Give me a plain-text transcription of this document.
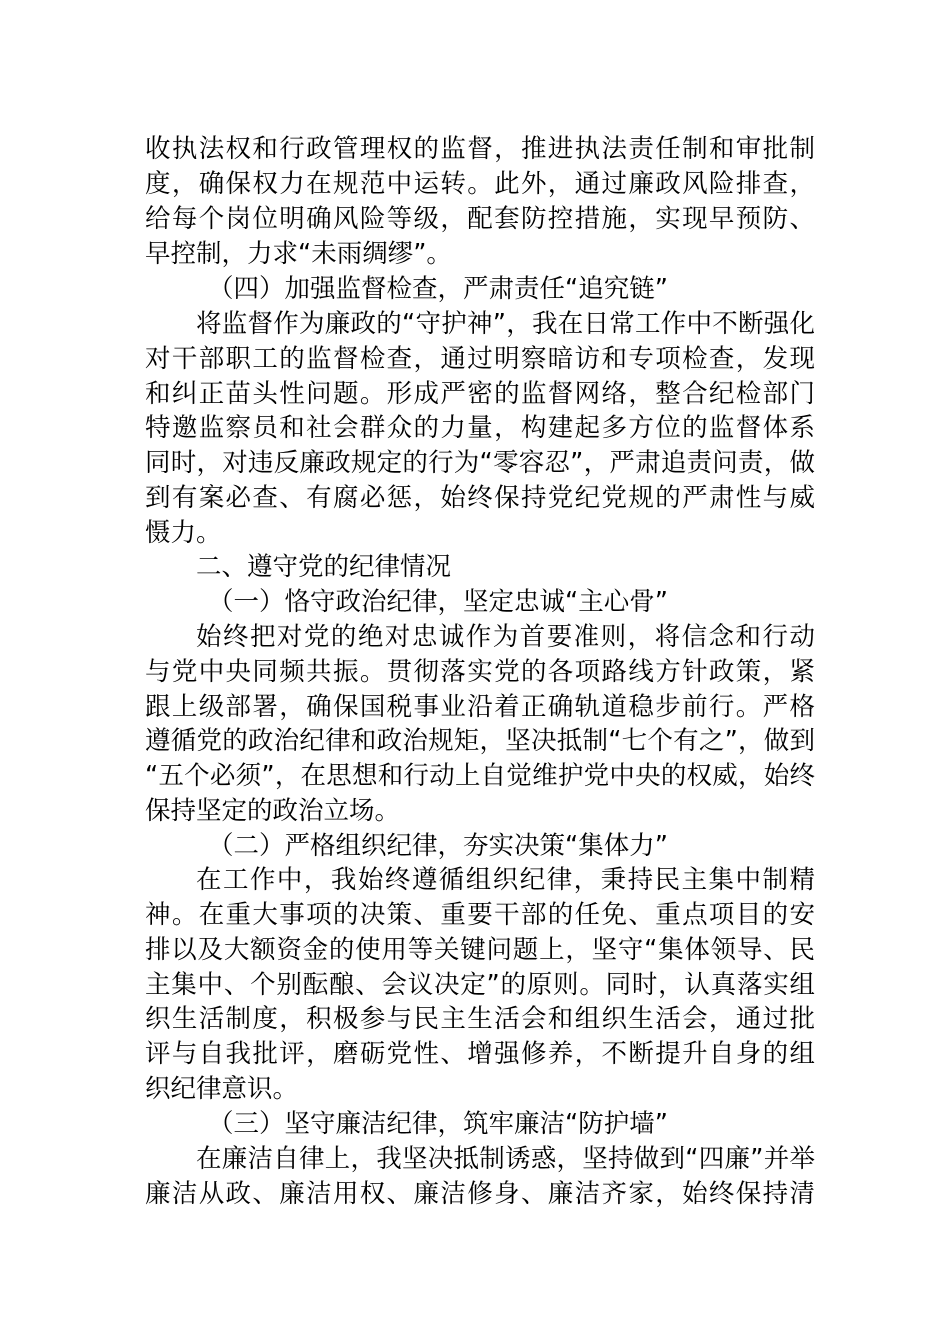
收执法权和行政管理权的监督，推进执法责任制和审批制
度，确保权力在规范中运转。此外，通过廉政风险排查，
给每个岗位明确风险等级，配套防控措施，实现早预防、
早控制，力求“未雨绸缪”。
（四）加强监督检查，严肃责任“追究链”
将监督作为廉政的“守护神”，我在日常工作中不断强化
对干部职工的监督检查，通过明察暗访和专项检查，发现
和纠正苗头性问题。形成严密的监督网络，整合纪检部门
特邀监察员和社会群众的力量，构建起多方位的监督体系
同时，对违反廉政规定的行为“零容忍”，严肃追责问责，做
到有案必查、有腐必惩，始终保持党纪党规的严肃性与威
慑力。
二、遵守党的纪律情况
（一）恪守政治纪律，坚定忠诚“主心骨”
始终把对党的绝对忠诚作为首要准则，将信念和行动
与党中央同频共振。贯彻落实党的各项路线方针政策，紧
跟上级部署，确保国税事业沿着正确轨道稳步前行。严格
遵循党的政治纪律和政治规矩，坚决抵制“七个有之”，做到
“五个必须”，在思想和行动上自觉维护党中央的权威，始终
保持坚定的政治立场。
（二）严格组织纪律，夯实决策“集体力”
在工作中，我始终遵循组织纪律，秉持民主集中制精
神。在重大事项的决策、重要干部的任免、重点项目的安
排以及大额资金的使用等关键问题上，坚守“集体领导、民
主集中、个别酝酿、会议决定”的原则。同时，认真落实组
织生活制度，积极参与民主生活会和组织生活会，通过批
评与自我批评，磨砺党性、增强修养，不断提升自身的组
织纪律意识。
（三）坚守廉洁纪律，筑牢廉洁“防护墙”
在廉洁自律上，我坚决抵制诱惑，坚持做到“四廉”并举
廉洁从政、廉洁用权、廉洁修身、廉洁齐家，始终保持清
